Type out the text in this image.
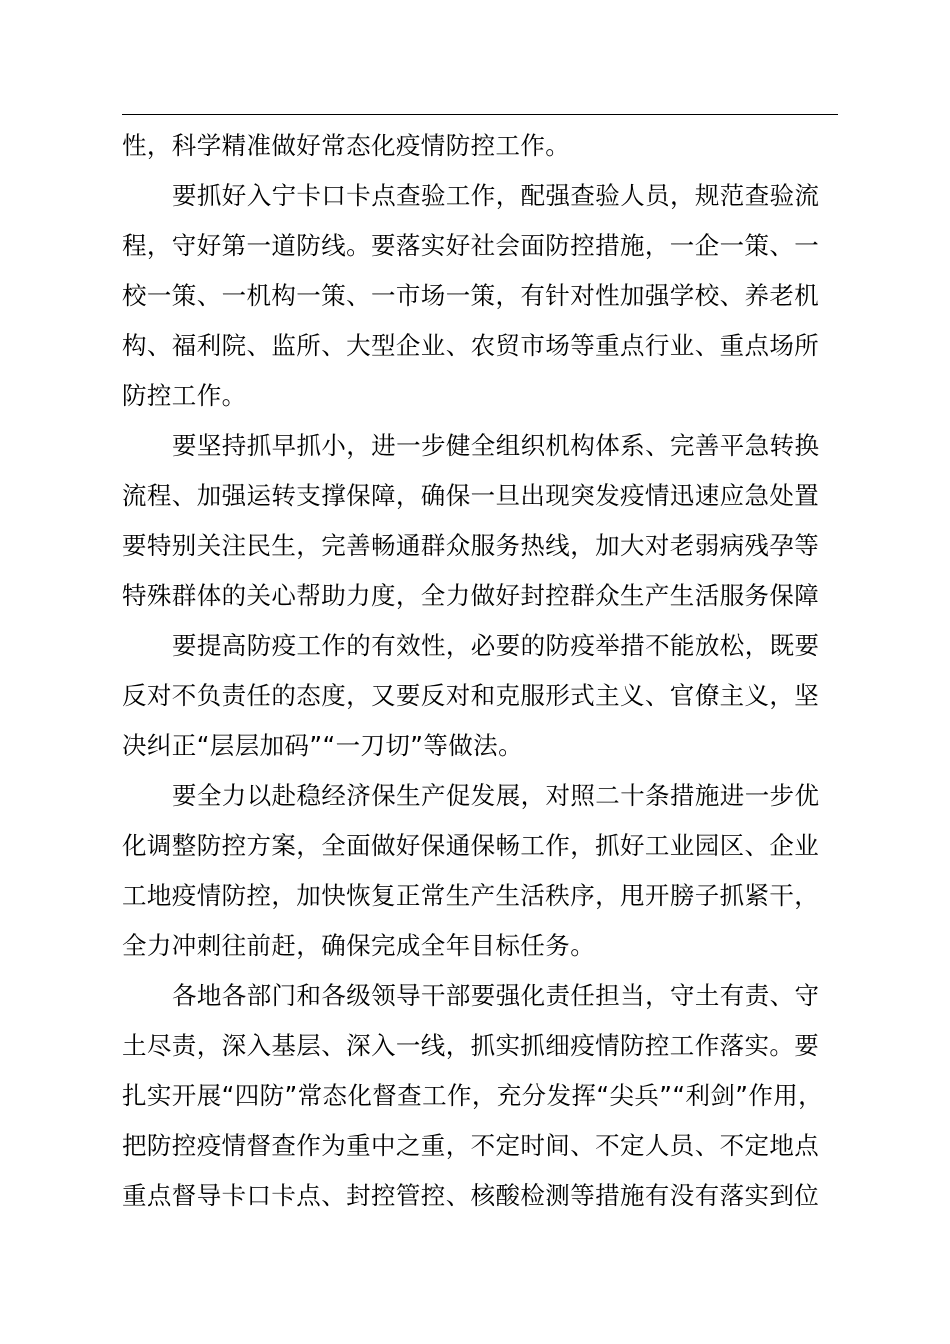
性，科学精准做好常态化疫情防控工作。
要抓好入宁卡口卡点查验工作，配强查验人员，规范查验流
程，守好第一道防线。要落实好社会面防控措施，一企一策、一
校一策、一机构一策、一市场一策，有针对性加强学校、养老机
构、福利院、监所、大型企业、农贸市场等重点行业、重点场所
防控工作。
要坚持抓早抓小，进一步健全组织机构体系、完善平急转换
流程、加强运转支撑保障，确保一旦出现突发疫情迅速应急处置
要特别关注民生，完善畅通群众服务热线，加大对老弱病残孕等
特殊群体的关心帮助力度，全力做好封控群众生产生活服务保障
要提高防疫工作的有效性，必要的防疫举措不能放松，既要
反对不负责任的态度，又要反对和克服形式主义、官僚主义，坚
决纠正“层层加码”“一刀切”等做法。
要全力以赴稳经济保生产促发展，对照二十条措施进一步优
化调整防控方案，全面做好保通保畅工作，抓好工业园区、企业
工地疫情防控，加快恢复正常生产生活秩序，甩开膀子抓紧干，
全力冲刺往前赶，确保完成全年目标任务。
各地各部门和各级领导干部要强化责任担当，守土有责、守
土尽责，深入基层、深入一线，抓实抓细疫情防控工作落实。要
扎实开展“四防”常态化督查工作，充分发挥“尖兵”“利剑”作用，
把防控疫情督查作为重中之重，不定时间、不定人员、不定地点
重点督导卡口卡点、封控管控、核酸检测等措施有没有落实到位
